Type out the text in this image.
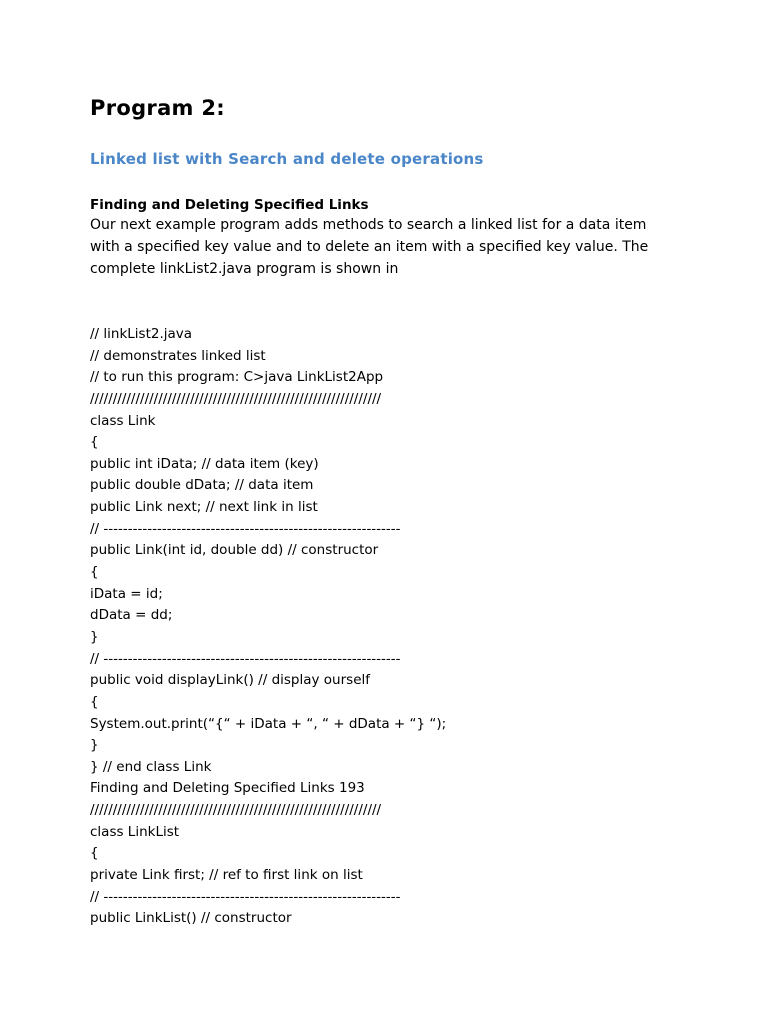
Program 2:
Linked list with Search and delete operations
Finding and Deleting Specified Links

Our next example program adds methods to search a linked list for a data item
with a specified key value and to delete an item with a specified key value. The
complete linkList2.java program is shown in

// linkList2.java
// demonstrates linked list
// to run this program: C>java LinkList2App
////////////////////////////////////////////////////////////////
class Link
{
public int iData; // data item (key)
public double dData; // data item
public Link next; // next link in list
// -------------------------------------------------------------
public Link(int id, double dd) // constructor
{
iData = id;
dData = dd;
}
// -------------------------------------------------------------
public void displayLink() // display ourself
{
System.out.print(“{“ + iData + “, “ + dData + “} “);
}
} // end class Link
Finding and Deleting Specified Links 193
////////////////////////////////////////////////////////////////
class LinkList
{
private Link first; // ref to first link on list
// -------------------------------------------------------------
public LinkList() // constructor
